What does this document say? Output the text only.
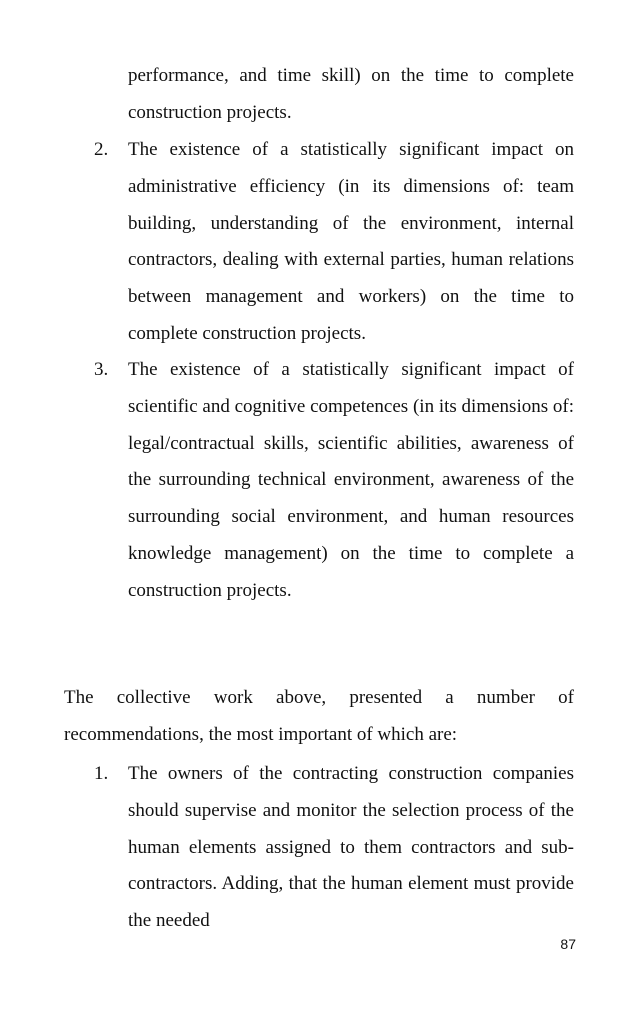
performance, and time skill) on the time to complete construction projects.

2.	The existence of a statistically significant impact on administrative efficiency (in its dimensions of: team building, understanding of the environment, internal contractors, dealing with external parties, human relations between management and workers) on the time to complete construction projects.
3.	The existence of a statistically significant impact of scientific and cognitive competences (in its dimensions of: legal/contractual skills, scientific abilities, awareness of the surrounding technical environment, awareness of the surrounding social environment, and human resources knowledge management) on the time to complete a construction projects.

The collective work above, presented a number of recommendations, the most important of which are:

1.	The owners of the contracting construction companies should supervise and monitor the selection process of the human elements assigned to them contractors and sub-contractors. Adding, that the human element must provide the needed
87
